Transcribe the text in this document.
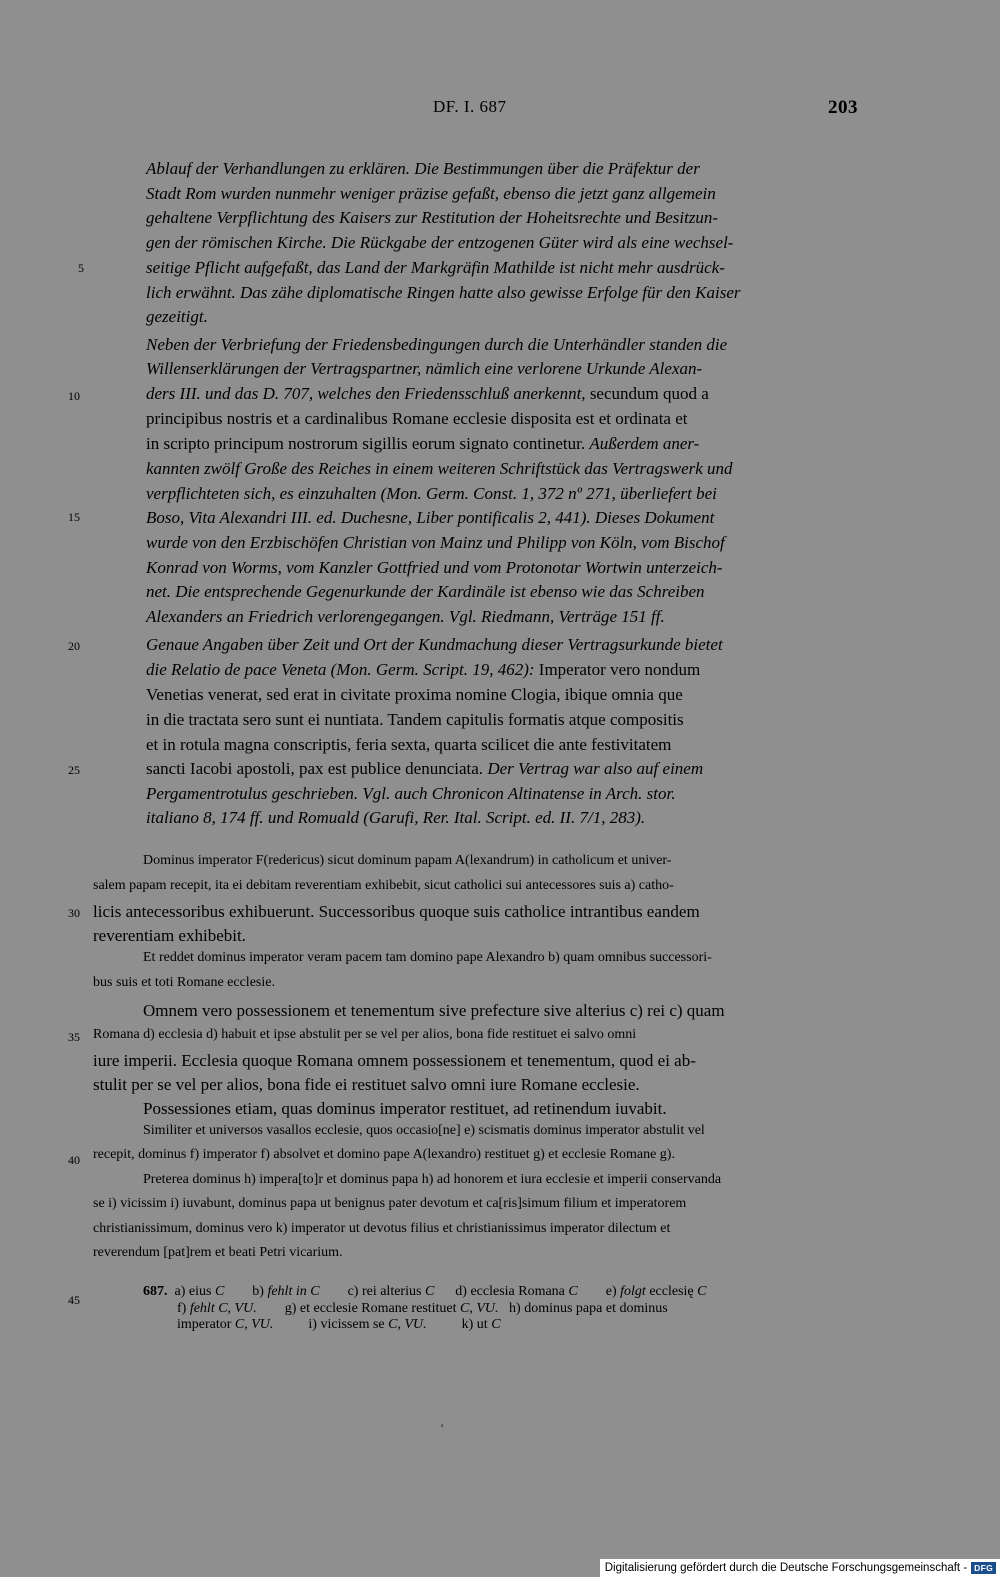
DF. I. 687	203
5
10
15
20
25
30
35
40
45
Ablauf der Verhandlungen zu erklären. Die Bestimmungen über die Präfektur der
Stadt Rom wurden nunmehr weniger präzise gefaßt, ebenso die jetzt ganz allgemein
gehaltene Verpflichtung des Kaisers zur Restitution der Hoheitsrechte und Besitzun-
gen der römischen Kirche. Die Rückgabe der entzogenen Güter wird als eine wechsel-
seitige Pflicht aufgefaßt, das Land der Markgräfin Mathilde ist nicht mehr ausdrück-
lich erwähnt. Das zähe diplomatische Ringen hatte also gewisse Erfolge für den Kaiser
gezeitigt.
Neben der Verbriefung der Friedensbedingungen durch die Unterhändler standen die
Willenserklärungen der Vertragspartner, nämlich eine verlorene Urkunde Alexan-
ders III. und das D. 707, welches den Friedensschluß anerkennt, secundum quod a
principibus nostris et a cardinalibus Romane ecclesie disposita est et ordinata et
in scripto principum nostrorum sigillis eorum signato continetur. Außerdem aner-
kannten zwölf Große des Reiches in einem weiteren Schriftstück das Vertragswerk und
verpflichteten sich, es einzuhalten (Mon. Germ. Const. 1, 372 nº 271, überliefert bei
Boso, Vita Alexandri III. ed. Duchesne, Liber pontificalis 2, 441). Dieses Dokument
wurde von den Erzbischöfen Christian von Mainz und Philipp von Köln, vom Bischof
Konrad von Worms, vom Kanzler Gottfried und vom Protonotar Wortwin unterzeich-
net. Die entsprechende Gegenurkunde der Kardinäle ist ebenso wie das Schreiben
Alexanders an Friedrich verlorengegangen. Vgl. Riedmann, Verträge 151 ff.
Genaue Angaben über Zeit und Ort der Kundmachung dieser Vertragsurkunde bietet
die Relatio de pace Veneta (Mon. Germ. Script. 19, 462): Imperator vero nondum
Venetias venerat, sed erat in civitate proxima nomine Clogia, ibique omnia que
in die tractata sero sunt ei nuntiata. Tandem capitulis formatis atque compositis
et in rotula magna conscriptis, feria sexta, quarta scilicet die ante festivitatem
sancti Iacobi apostoli, pax est publice denunciata. Der Vertrag war also auf einem
Pergamentrotulus geschrieben. Vgl. auch Chronicon Altinatense in Arch. stor.
italiano 8, 174 ff. und Romuald (Garufi, Rer. Ital. Script. ed. II. 7/1, 283).
Dominus imperator F(redericus) sicut dominum papam A(lexandrum) in catholicum et univer-
salem papam recepit, ita ei debitam reverentiam exhibebit, sicut catholici sui antecessores suis a) catho-
licis antecessoribus exhibuerunt. Successoribus quoque suis catholice intrantibus eandem
reverentiam exhibebit.
Et reddet dominus imperator veram pacem tam domino pape Alexandro b) quam omnibus successori-
bus suis et toti Romane ecclesie.
Omnem vero possessionem et tenementum sive prefecture sive alterius c) rei c) quam
Romana d) ecclesia d) habuit et ipse abstulit per se vel per alios, bona fide restituet ei salvo omni
iure imperii. Ecclesia quoque Romana omnem possessionem et tenementum, quod ei ab-
stulit per se vel per alios, bona fide ei restituet salvo omni iure Romane ecclesie.
Possessiones etiam, quas dominus imperator restituet, ad retinendum iuvabit.
Similiter et universos vasallos ecclesie, quos occasio[ne] e) scismatis dominus imperator abstulit vel
recepit, dominus f) imperator f) absolvet et domino pape A(lexandro) restituet g) et ecclesie Romane g).
Preterea dominus h) impera[to]r et dominus papa h) ad honorem et iura ecclesie et imperii conservanda
se i) vicissim i) iuvabunt, dominus papa ut benignus pater devotum et ca[ris]simum filium et imperatorem
christianissimum, dominus vero k) imperator ut devotus filius et christianissimus imperator dilectum et
reverendum [pat]rem et beati Petri vicarium.
687.  a) eius C        b) fehlt in C        c) rei alterius C      d) ecclesia Romana C        e) folgt ecclesię C
f) fehlt C, VU.        g) et ecclesie Romane restituet C, VU.   h) dominus papa et dominus
imperator C, VU.          i) vicissem se C, VU.          k) ut C
'
Digitalisierung gefördert durch die Deutsche Forschungsgemeinschaft - DFG
